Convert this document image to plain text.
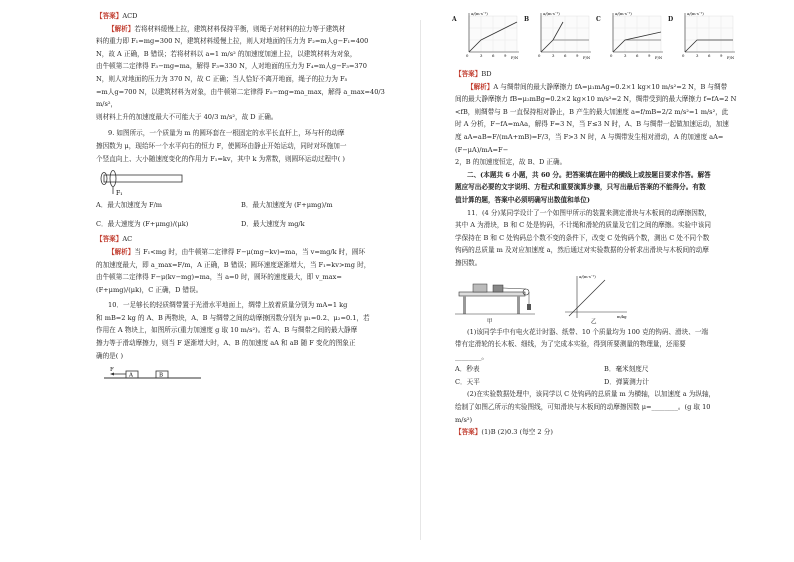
【答案】ACD

【解析】若将材料缓慢上拉，建筑材料保持平衡，则绳子对材料的拉力等于建筑材

料的重力即 F₁=mg=300 N，建筑材料缓慢上拉，则人对地面的压力为 F₂=m人g−F₁=400

N，故 A 正确，B 错误；若将材料以 a=1 m/s² 的加速度加速上拉，以建筑材料为对象，

由牛顿第二定律得 F₃−mg=ma，解得 F₃=330 N，人对地面的压力为 F₄=m人g−F₃=370

N，则人对地面的压力为 370 N，故 C 正确；当人恰好不离开地面，绳子的拉力为 F₅

=m人g=700 N，以建筑材料为对象，由牛顿第二定律得 F₅−mg=ma_max，解得 a_max=40/3 m/s²，

则材料上升的加速度最大不可能大于 40/3 m/s²，故 D 正确。

9. 如图所示，一个质量为 m 的圆环套在一根固定的水平长直杆上，环与杆的动摩

擦因数为 μ，现给环一个水平向右的恒力 F，使圆环由静止开始运动，同时对环施加一

个竖直向上、大小随速度变化的作用力 F₁=kv，其中 k 为常数，则圆环运动过程中( )

F₁
A．最大加速度为 F/m	B．最大加速度为 (F+μmg)/m
C．最大速度为 (F+μmg)/(μk)	D．最大速度为 mg/k

【答案】AC

【解析】当 F₁<mg 时，由牛顿第二定律得 F−μ(mg−kv)=ma，当 v=mg/k 时，圆环

的加速度最大，即 a_max=F/m，A 正确，B 错误；圆环速度逐渐增大，当 F₁=kv>mg 时，

由牛顿第二定律得 F−μ(kv−mg)=ma，当 a=0 时，圆环的速度最大，即 v_max=

(F+μmg)/(μk)，C 正确，D 错误。

10．一足够长的轻质绸带置于光滑水平地面上，绸带上放着质量分别为 mA=1 kg

和 mB=2 kg 的 A、B 两物块，A、B 与绸带之间的动摩擦因数分别为 μ₁=0.2、μ₂=0.1，若

作用在 A 物块上，如图所示(重力加速度 g 取 10 m/s²)。若 A、B 与绸带之间的最大静摩

擦力等于滑动摩擦力，则当 F 逐渐增大时，A、B 的加速度 aA 和 aB 随 F 变化的图象正

确的是( )

F
A	B
A
a/(m·s⁻²)
F/N
0	3	6	9
B
a/(m·s⁻²)
F/N
0	3	6	9
C
a/(m·s⁻²)
F/N
0	3	6	9
D
a/(m·s⁻²)
F/N
0	3	6	9

【答案】BD

【解析】A 与绸带间的最大静摩擦力 fA=μ₁mAg=0.2×1 kg×10 m/s²=2 N，B 与绸带

间的最大静摩擦力 fB=μ₂mBg=0.2×2 kg×10 m/s²=2 N，绸带受到的最大摩擦力 f=fA=2 N

<fB，则绸带与 B 一直保持相对静止，B 产生的最大加速度 a=f/mB=2/2 m/s²=1 m/s²，此

时 A 分析，F−fA=mAa，解得 F=3 N，当 F≤3 N 时，A、B 与绸带一起做加速运动，加速

度 aA=aB=F/(mA+mB)=F/3，当 F>3 N 时，A 与绸带发生相对滑动，A 的加速度 aA=(F−μA)/mA=F−

2，B 的加速度恒定，故 B、D 正确。

二、(本题共 6 小题，共 60 分。把答案填在题中的横线上或按题目要求作答。解答

题应写出必要的文字说明、方程式和重要演算步骤，只写出最后答案的不能得分。有数

值计算的题，答案中必须明确写出数值和单位)

11．(4 分)某同学设计了一个如图甲所示的装置来测定滑块与木板间的动摩擦因数，

其中 A 为滑块，B 和 C 处是钩码，不计绳和滑轮的质量及它们之间的摩擦。实验中该同

学保持在 B 和 C 处钩码总个数不变的条件下，改变 C 处钩码个数，测出 C 处不同个数

钩码的总质量 m 及对应加速度 a，然后通过对实验数据的分析求出滑块与木板间的动摩

擦因数。

甲
a/(m·s⁻²)
m/kg
乙

(1)该同学手中有电火花计时器、纸带、10 个质量均为 100 克的钩码、滑块、一端

带有定滑轮的长木板、细线，为了完成本实验，得到所要测量的物理量，还需要

________。

A．秒表	B．毫米刻度尺
C．天平	D．弹簧测力计

(2)在实验数据处理中，该同学以 C 处钩码的总质量 m 为横轴，以加速度 a 为纵轴，

绘制了如图乙所示的实验图线，可知滑块与木板间的动摩擦因数 μ=________。(g 取 10

m/s²)

【答案】(1)B (2)0.3 (每空 2 分)
